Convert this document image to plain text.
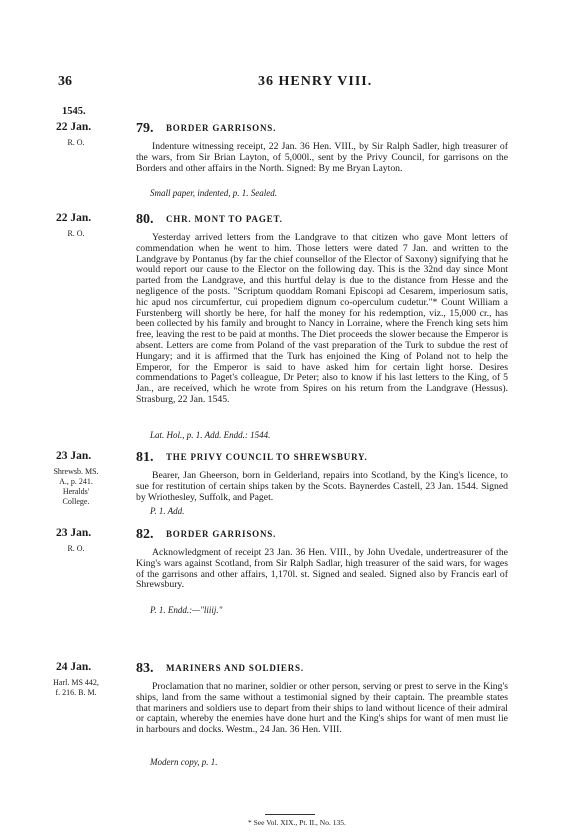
36	36 HENRY VIII.
1545.
22 Jan.
R. O.
79. BORDER GARRISONS.

Indenture witnessing receipt, 22 Jan. 36 Hen. VIII., by Sir Ralph Sadler, high treasurer of the wars, from Sir Brian Layton, of 5,000l., sent by the Privy Council, for garrisons on the Borders and other affairs in the North. Signed: By me Bryan Layton.

Small paper, indented, p. 1. Sealed.
22 Jan.
R. O.
80. CHR. MONT TO PAGET.

Yesterday arrived letters from the Landgrave to that citizen who gave Mont letters of commendation when he went to him. Those letters were dated 7 Jan. and written to the Landgrave by Pontanus (by far the chief counsellor of the Elector of Saxony) signifying that he would report our cause to the Elector on the following day. This is the 32nd day since Mont parted from the Landgrave, and this hurtful delay is due to the distance from Hesse and the negligence of the posts. "Scriptum quoddam Romani Episcopi ad Cesarem, imperiosum satis, hic apud nos circumfertur, cui propediem dignum co-operculum cudetur."* Count William a Furstenberg will shortly be here, for half the money for his redemption, viz., 15,000 cr., has been collected by his family and brought to Nancy in Lorraine, where the French king sets him free, leaving the rest to be paid at months. The Diet proceeds the slower because the Emperor is absent. Letters are come from Poland of the vast preparation of the Turk to subdue the rest of Hungary; and it is affirmed that the Turk has enjoined the King of Poland not to help the Emperor, for the Emperor is said to have asked him for certain light horse. Desires commendations to Paget's colleague, Dr Peter; also to know if his last letters to the King, of 5 Jan., are received, which he wrote from Spires on his return from the Landgrave (Hessus). Strasburg, 22 Jan. 1545.

Lat. Hol., p. 1. Add. Endd.: 1544.
23 Jan.
Shrewsb. MS. A., p. 241. Heralds' College.
81. THE PRIVY COUNCIL TO SHREWSBURY.

Bearer, Jan Gheerson, born in Gelderland, repairs into Scotland, by the King's licence, to sue for restitution of certain ships taken by the Scots. Baynerdes Castell, 23 Jan. 1544. Signed by Wriothesley, Suffolk, and Paget.

P. 1. Add.
23 Jan.
R. O.
82. BORDER GARRISONS.

Acknowledgment of receipt 23 Jan. 36 Hen. VIII., by John Uvedale, undertreasurer of the King's wars against Scotland, from Sir Ralph Sadlar, high treasurer of the said wars, for wages of the garrisons and other affairs, 1,170l. st. Signed and sealed. Signed also by Francis earl of Shrewsbury.

P. 1. Endd.:—"liiij."
24 Jan.
Harl. MS 442, f. 216. B. M.
83. MARINERS AND SOLDIERS.

Proclamation that no mariner, soldier or other person, serving or prest to serve in the King's ships, land from the same without a testimonial signed by their captain. The preamble states that mariners and soldiers use to depart from their ships to land without licence of their admiral or captain, whereby the enemies have done hurt and the King's ships for want of men must lie in harbours and docks. Westm., 24 Jan. 36 Hen. VIII.

Modern copy, p. 1.
* See Vol. XIX., Pt. II., No. 135.
